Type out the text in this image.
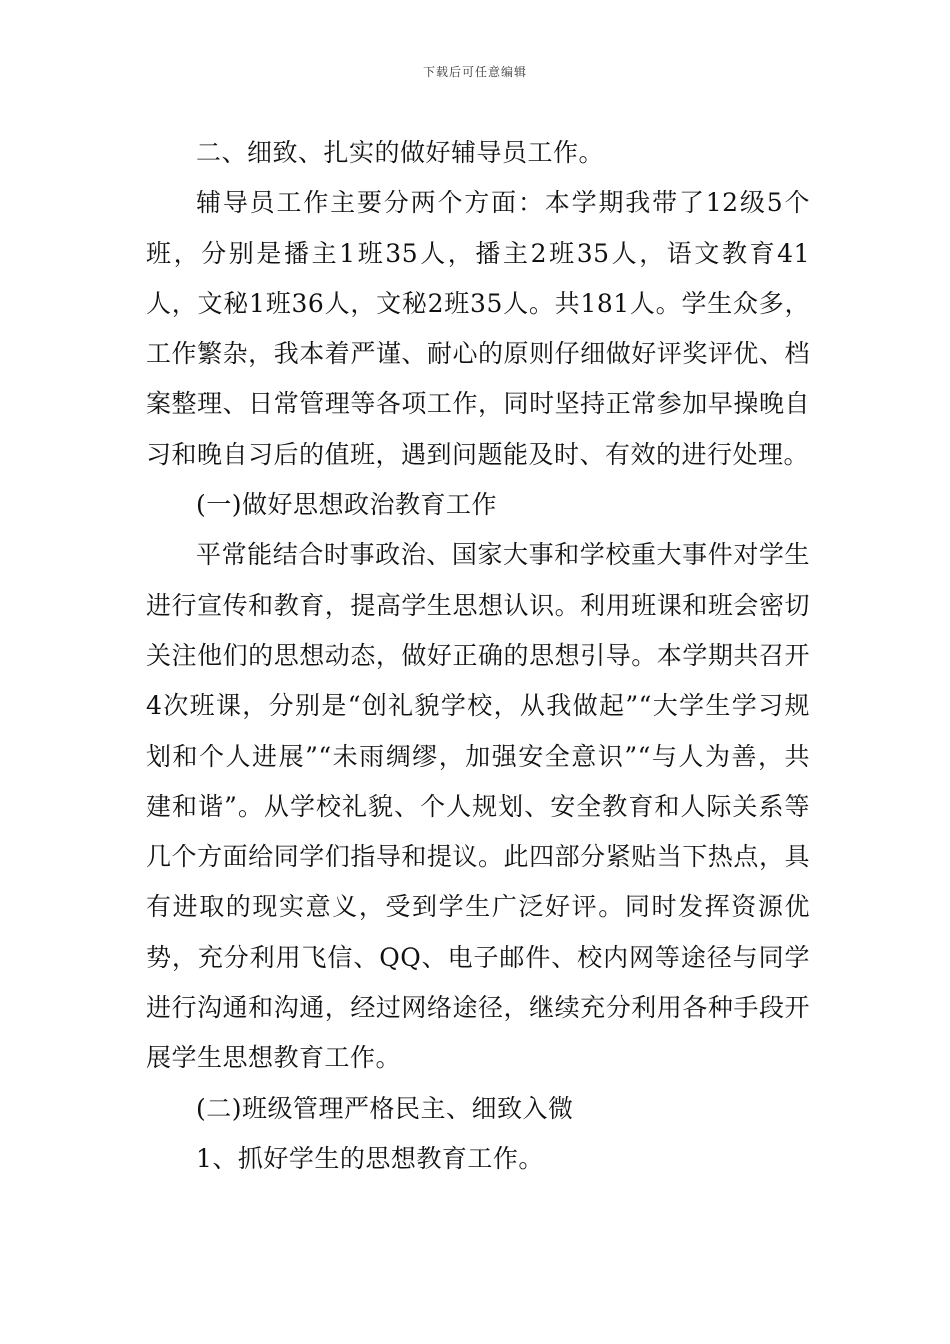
下载后可任意编辑

二、细致、扎实的做好辅导员工作。

辅导员工作主要分两个方面：本学期我带了12级5个班，分别是播主1班35人，播主2班35人，语文教育41人，文秘1班36人，文秘2班35人。共181人。学生众多，工作繁杂，我本着严谨、耐心的原则仔细做好评奖评优、档案整理、日常管理等各项工作，同时坚持正常参加早操晚自习和晚自习后的值班，遇到问题能及时、有效的进行处理。

(一)做好思想政治教育工作

平常能结合时事政治、国家大事和学校重大事件对学生进行宣传和教育，提高学生思想认识。利用班课和班会密切关注他们的思想动态，做好正确的思想引导。本学期共召开4次班课，分别是“创礼貌学校，从我做起”“大学生学习规划和个人进展”“未雨绸缪，加强安全意识”“与人为善，共建和谐”。从学校礼貌、个人规划、安全教育和人际关系等几个方面给同学们指导和提议。此四部分紧贴当下热点，具有进取的现实意义，受到学生广泛好评。同时发挥资源优势，充分利用飞信、QQ、电子邮件、校内网等途径与同学进行沟通和沟通，经过网络途径，继续充分利用各种手段开展学生思想教育工作。

(二)班级管理严格民主、细致入微

1、抓好学生的思想教育工作。
